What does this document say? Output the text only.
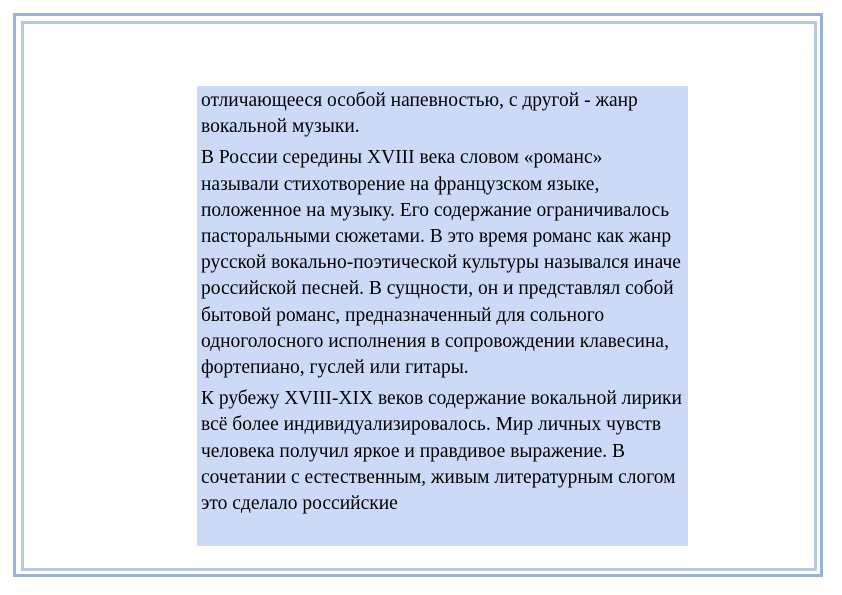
отличающееся особой напевностью, с другой - жанр вокальной музыки.

В России середины XVIII века словом «романс» называли стихотворение на французском языке, положенное на музыку. Его содержание ограничивалось пасторальными сюжетами. В это время романс как жанр русской вокально-поэтической культуры назывался иначе российской песней. В сущности, он и представлял собой бытовой романс, предназначенный для сольного одноголосного исполнения в сопровождении клавесина, фортепиано, гуслей или гитары.

К рубежу XVIII-XIX веков содержание вокальной лирики всё более индивидуализировалось. Мир личных чувств человека получил яркое и правдивое выражение. В сочетании с естественным, живым литературным слогом это сделало российские
